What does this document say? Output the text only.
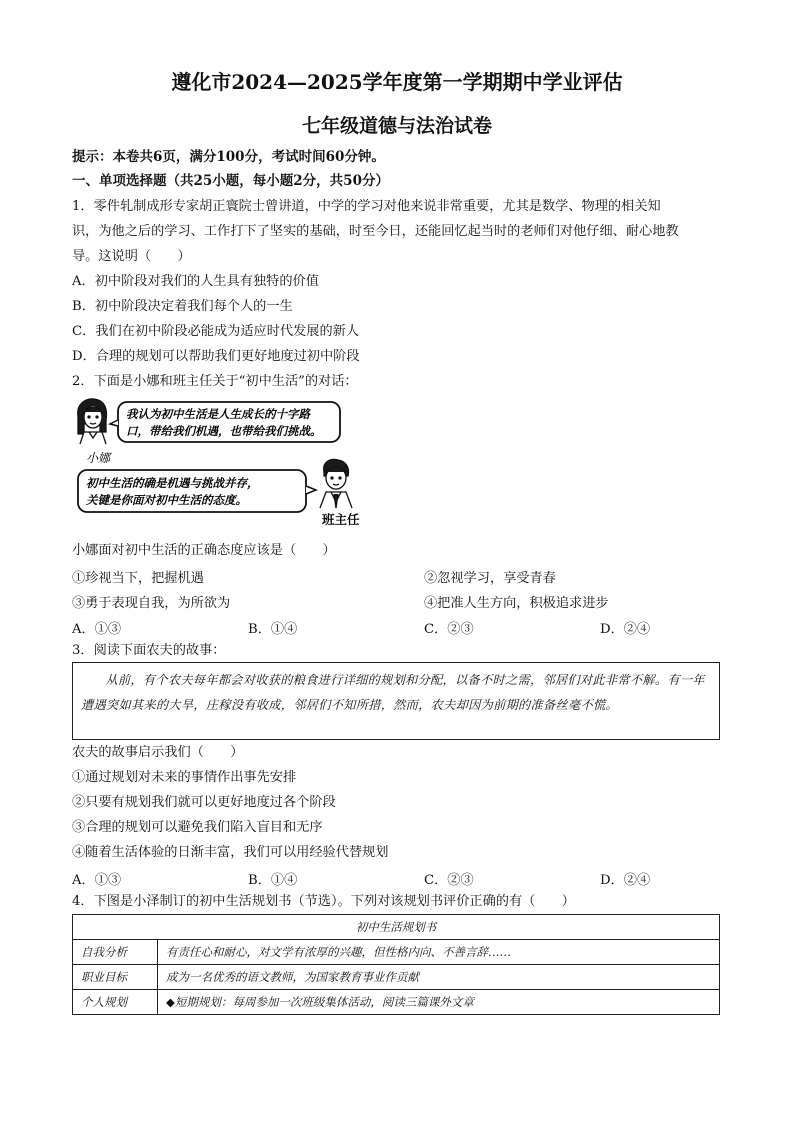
遵化市2024—2025学年度第一学期期中学业评估
七年级道德与法治试卷
提示：本卷共6页，满分100分，考试时间60分钟。
一、单项选择题（共25小题，每小题2分，共50分）
1．零件轧制成形专家胡正寰院士曾讲道，中学的学习对他来说非常重要，尤其是数学、物理的相关知
识，为他之后的学习、工作打下了坚实的基础，时至今日，还能回忆起当时的老师们对他仔细、耐心地教
导。这说明（　　）
A．初中阶段对我们的人生具有独特的价值
B．初中阶段决定着我们每个人的一生
C．我们在初中阶段必能成为适应时代发展的新人
D．合理的规划可以帮助我们更好地度过初中阶段
2．下面是小娜和班主任关于“初中生活”的对话：
我认为初中生活是人生成长的十字路
口，带给我们机遇，也带给我们挑战。
小娜
初中生活的确是机遇与挑战并存，
关键是你面对初中生活的态度。
班主任
小娜面对初中生活的正确态度应该是（　　）
①珍视当下，把握机遇	②忽视学习，享受青春
③勇于表现自我，为所欲为	④把准人生方向，积极追求进步
A．①③	B．①④	C．②③	D．②④
3．阅读下面农夫的故事：
从前，有个农夫每年都会对收获的粮食进行详细的规划和分配，以备不时之需，邻居们对此非常不解。有一年遭遇突如其来的大旱，庄稼没有收成，邻居们不知所措，然而，农夫却因为前期的准备丝毫不慌。
农夫的故事启示我们（　　）
①通过规划对未来的事情作出事先安排
②只要有规划我们就可以更好地度过各个阶段
③合理的规划可以避免我们陷入盲目和无序
④随着生活体验的日渐丰富，我们可以用经验代替规划
A．①③	B．①④	C．②③	D．②④
4．下图是小泽制订的初中生活规划书（节选）。下列对该规划书评价正确的有（　　）
初中生活规划书	
自我分析	有责任心和耐心，对文学有浓厚的兴趣，但性格内向、不善言辞……
职业目标	成为一名优秀的语文教师，为国家教育事业作贡献
个人规划	◆短期规划：每周参加一次班级集体活动，阅读三篇课外文章
